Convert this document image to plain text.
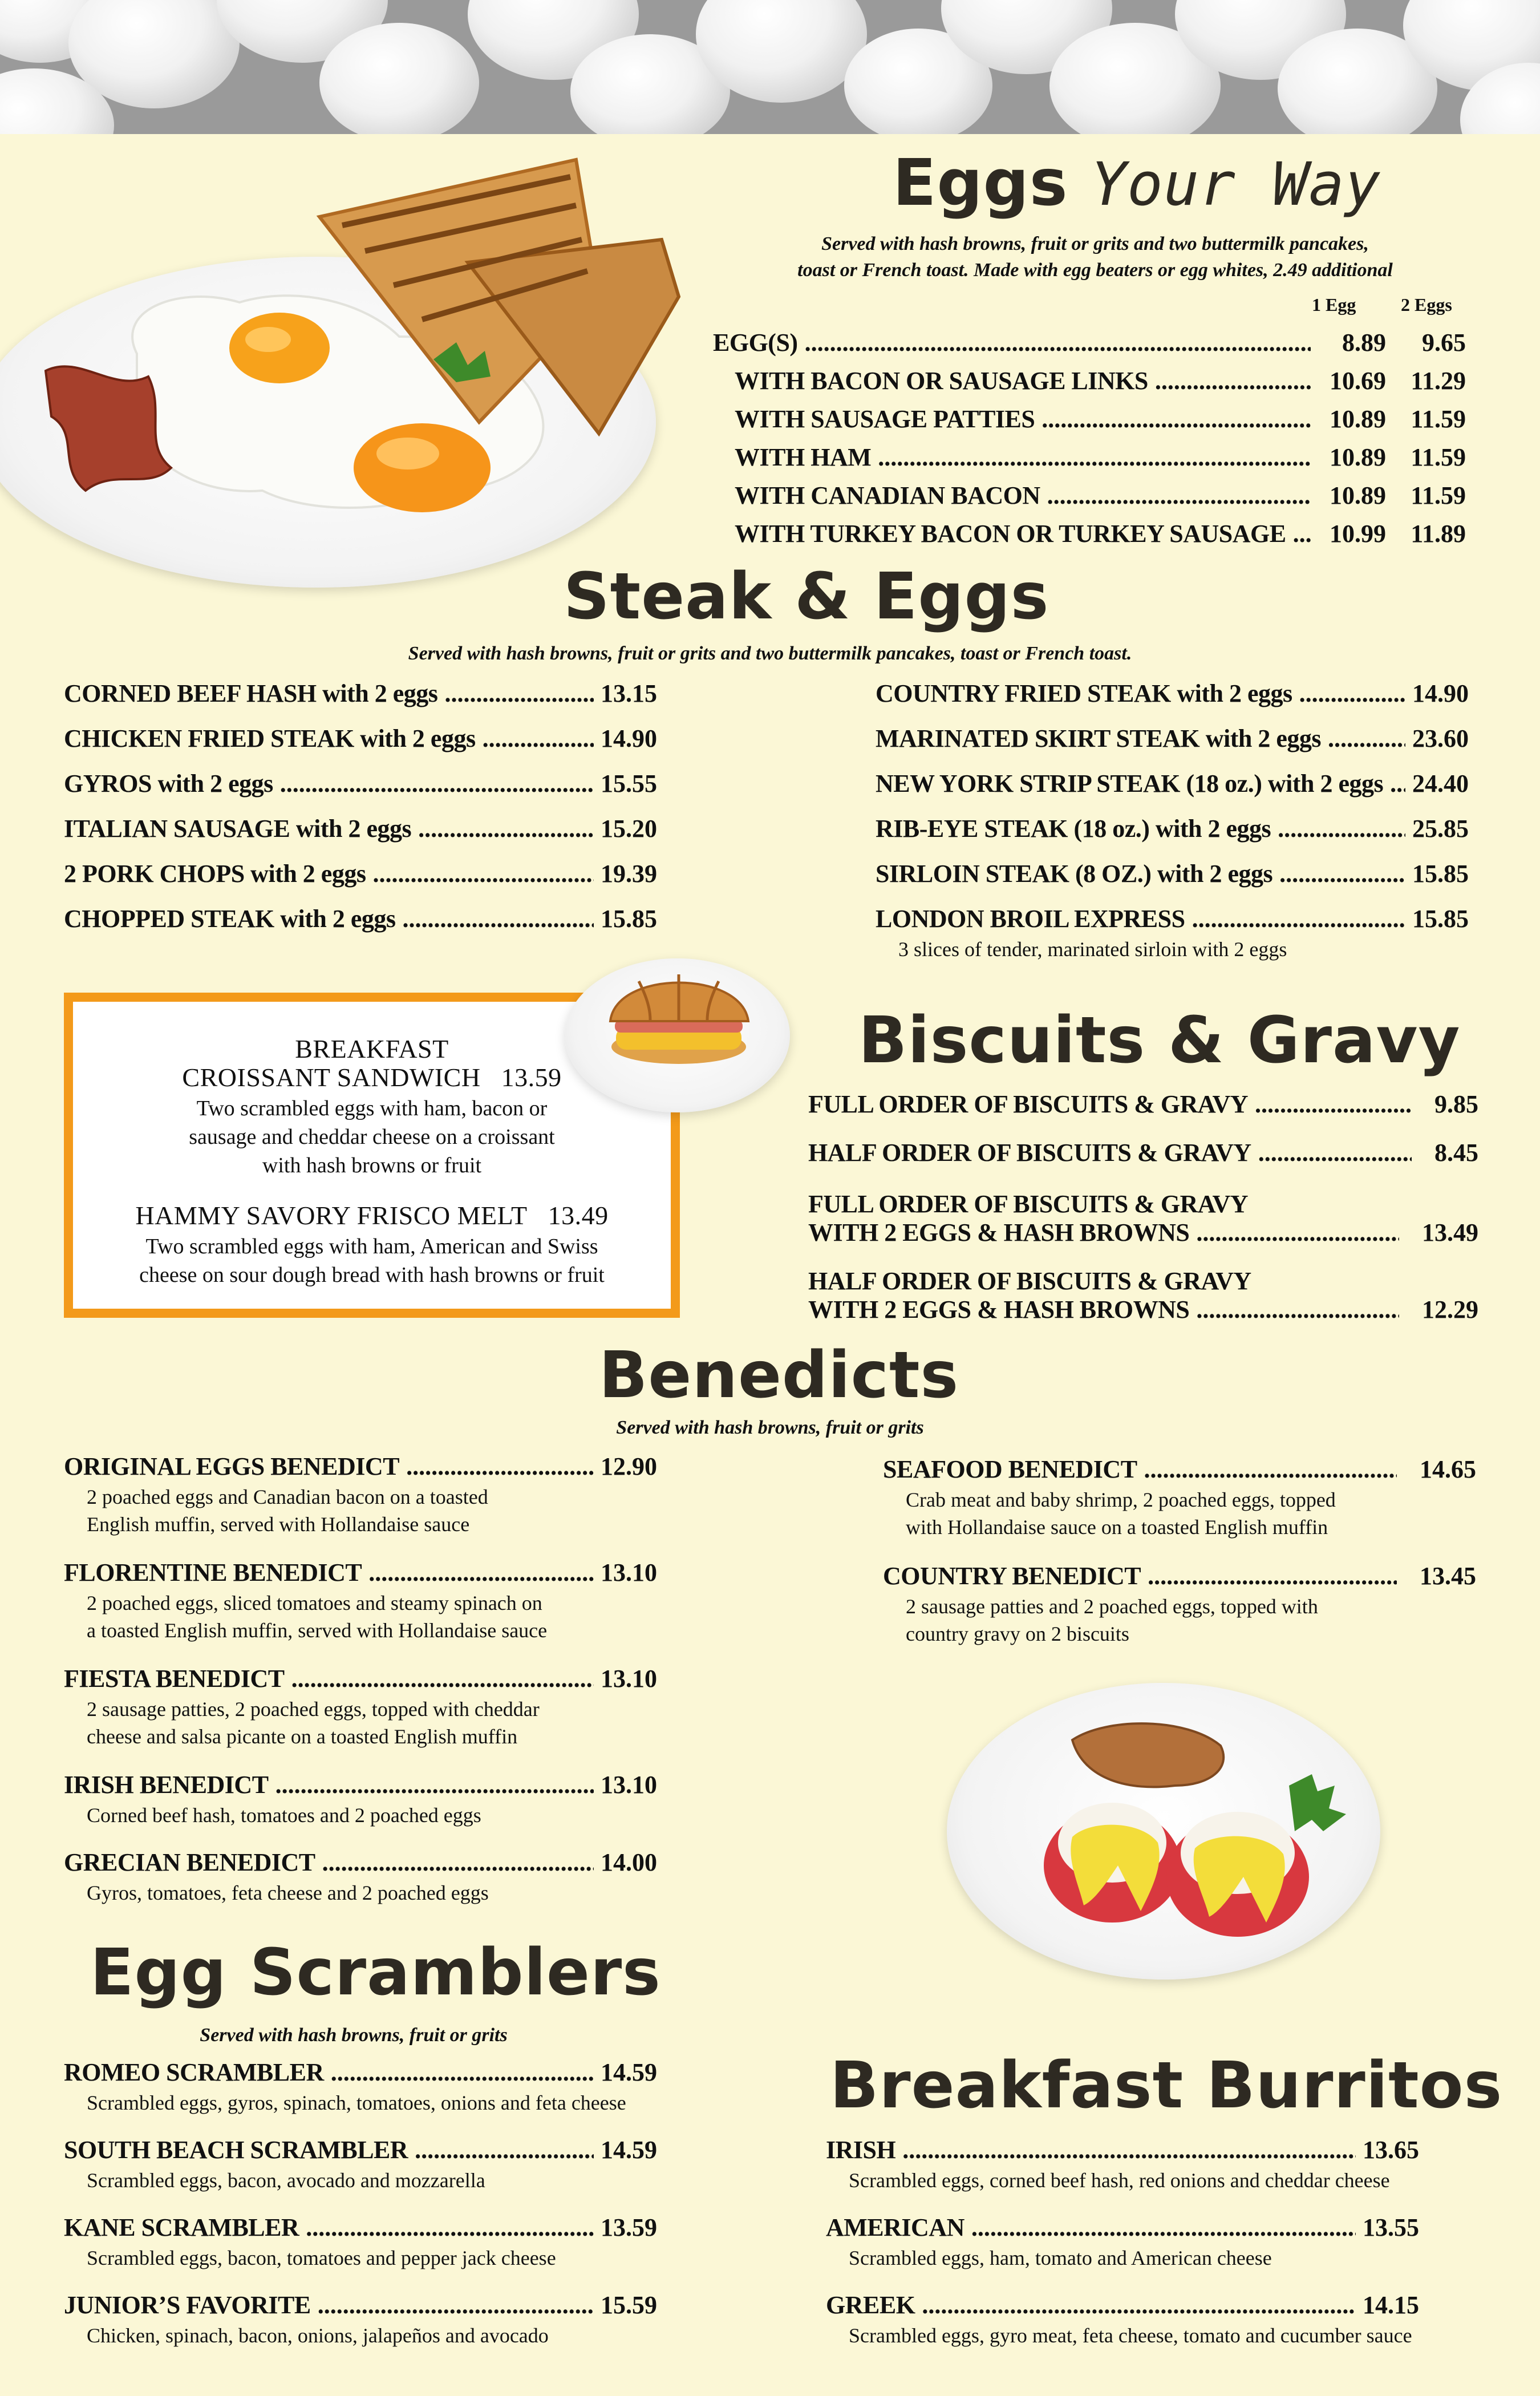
Eggs Your Way
Served with hash browns, fruit or grits and two buttermilk pancakes,
toast or French toast. Made with egg beaters or egg whites, 2.49 additional
1 Egg 2 Eggs
EGG(S) .....	8.89	9.65
WITH BACON OR SAUSAGE LINKS .....	10.69 11.29
WITH SAUSAGE PATTIES .....	10.89 11.59
WITH HAM .....	10.89 11.59
WITH CANADIAN BACON .....	10.89 11.59
WITH TURKEY BACON OR TURKEY SAUSAGE .....	10.99 11.89
Steak & Eggs
Served with hash browns, fruit or grits and two buttermilk pancakes, toast or French toast.
CORNED BEEF HASH with 2 eggs .....	13.15
CHICKEN FRIED STEAK with 2 eggs .....	14.90
GYROS with 2 eggs .....	15.55
ITALIAN SAUSAGE with 2 eggs .....	15.20
2 PORK CHOPS with 2 eggs .....	19.39
CHOPPED STEAK with 2 eggs .....	15.85
COUNTRY FRIED STEAK with 2 eggs .....	14.90
MARINATED SKIRT STEAK with 2 eggs .....	23.60
NEW YORK STRIP STEAK (18 oz.) with 2 eggs ..... 24.40
RIB-EYE STEAK (18 oz.) with 2 eggs .....	25.85
SIRLOIN STEAK (8 OZ.) with 2 eggs .....	15.85
LONDON BROIL EXPRESS .....	15.85
3 slices of tender, marinated sirloin with 2 eggs
BREAKFAST
CROISSANT SANDWICH 13.59
Two scrambled eggs with ham, bacon or
sausage and cheddar cheese on a croissant
with hash browns or fruit
HAMMY SAVORY FRISCO MELT 13.49
Two scrambled eggs with ham, American and Swiss
cheese on sour dough bread with hash browns or fruit
Biscuits & Gravy
FULL ORDER OF BISCUITS & GRAVY .....	9.85
HALF ORDER OF BISCUITS & GRAVY .....	8.45
FULL ORDER OF BISCUITS & GRAVY
WITH 2 EGGS & HASH BROWNS .....	13.49
HALF ORDER OF BISCUITS & GRAVY
WITH 2 EGGS & HASH BROWNS .....	12.29
Benedicts
Served with hash browns, fruit or grits
ORIGINAL EGGS BENEDICT .....	12.90
2 poached eggs and Canadian bacon on a toasted
English muffin, served with Hollandaise sauce
FLORENTINE BENEDICT .....	13.10
2 poached eggs, sliced tomatoes and steamy spinach on
a toasted English muffin, served with Hollandaise sauce
FIESTA BENEDICT .....	13.10
2 sausage patties, 2 poached eggs, topped with cheddar
cheese and salsa picante on a toasted English muffin
IRISH BENEDICT .....	13.10
Corned beef hash, tomatoes and 2 poached eggs
GRECIAN BENEDICT .....	14.00
Gyros, tomatoes, feta cheese and 2 poached eggs
SEAFOOD BENEDICT .....	14.65
Crab meat and baby shrimp, 2 poached eggs, topped
with Hollandaise sauce on a toasted English muffin
COUNTRY BENEDICT .....	13.45
2 sausage patties and 2 poached eggs, topped with
country gravy on 2 biscuits
Egg Scramblers
Served with hash browns, fruit or grits
ROMEO SCRAMBLER .....	14.59
Scrambled eggs, gyros, spinach, tomatoes, onions and feta cheese
SOUTH BEACH SCRAMBLER .....	14.59
Scrambled eggs, bacon, avocado and mozzarella
KANE SCRAMBLER .....	13.59
Scrambled eggs, bacon, tomatoes and pepper jack cheese
JUNIOR’S FAVORITE .....	15.59
Chicken, spinach, bacon, onions, jalapeños and avocado
Breakfast Burritos
IRISH .....	13.65
Scrambled eggs, corned beef hash, red onions and cheddar cheese
AMERICAN .....	13.55
Scrambled eggs, ham, tomato and American cheese
GREEK .....	14.15
Scrambled eggs, gyro meat, feta cheese, tomato and cucumber sauce
